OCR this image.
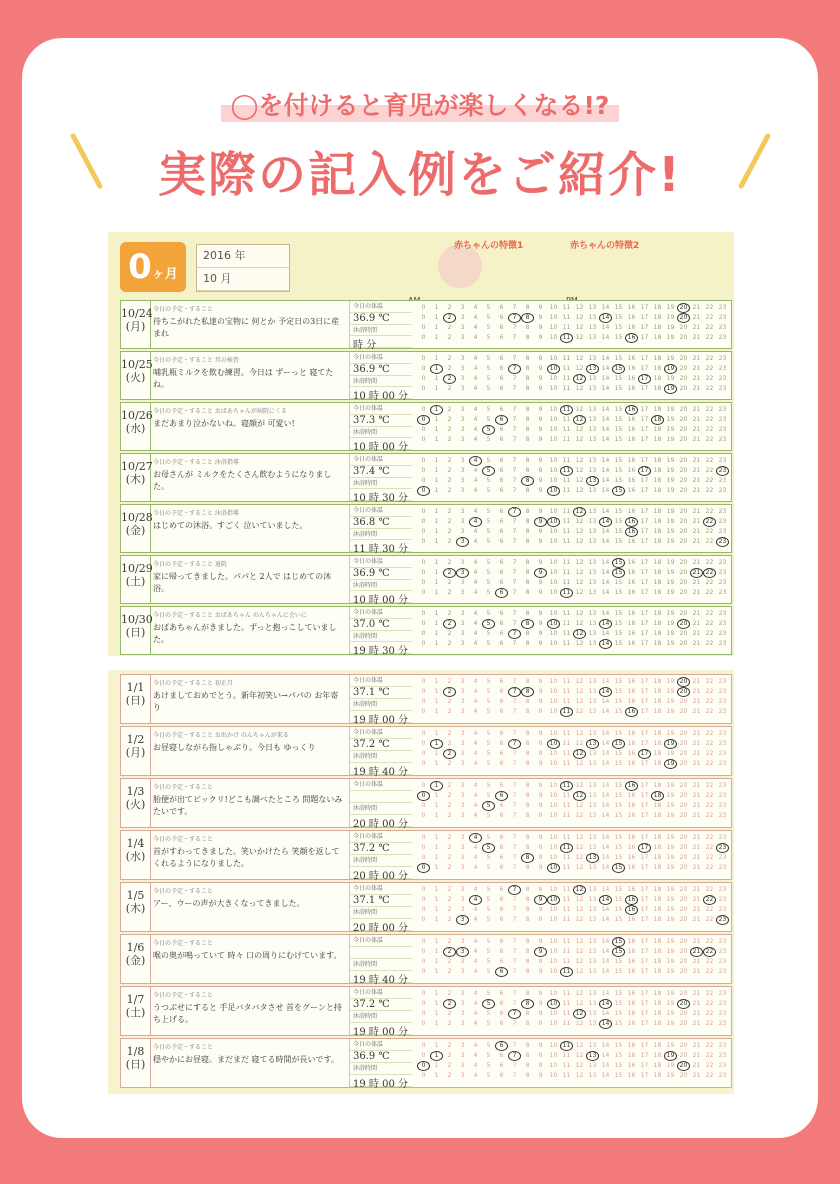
◯を付けると育児が楽しくなる!?
実際の記入例をご紹介!
0ヶ月
2016 年
10 月
赤ちゃんの特徴1	赤ちゃんの特徴2
10/24 (月)
今日の予定・すること
待ちこがれた私達の宝物に 何とか 予定日の3日に産まれ
今日の体温
36.9 ℃
沐浴時間
時 分
0	1	2	3	4	5	6	7	8	9	10 11 12 13 14 15 16 17 18 19 20 21 22 23
0	1	2	3	4	5	6	7	8	9	10 11 12 13 14 15 16 17 18 19 20 21 22 23
0	1	2	3	4	5	6	7	8	9	10 11 12 13 14 15 16 17 18 19 20 21 22 23
0	1	2	3	4	5	6	7	8	9	10 11 12 13 14 15 16 17 18 19 20 21 22 23
10/25 (火)
今日の予定・すること 耳の検査
哺乳瓶ミルクを飲む練習。今日は ずーっと 寝てたね。
今日の体温
36.9 ℃
沐浴時間
10 時 00 分
0	1	2	3	4	5	6	7	8	9	10 11 12 13 14 15 16 17 18 19 20 21 22 23
0	1	2	3	4	5	6	7	8	9	10 11 12 13 14 15 16 17 18 19 20 21 22 23
0	1	2	3	4	5	6	7	8	9	10 11 12 13 14 15 16 17 18 19 20 21 22 23
0	1	2	3	4	5	6	7	8	9	10 11 12 13 14 15 16 17 18 19 20 21 22 23
10/26 (水)
今日の予定・すること おばあちゃんが病院にくる
まだあまり泣かないね。寝顔が 可愛い!
今日の体温
37.3 ℃
沐浴時間
10 時 00 分
0	1	2	3	4	5	6	7	8	9	10 11 12 13 14 15 16 17 18 19 20 21 22 23
0	1	2	3	4	5	6	7	8	9	10 11 12 13 14 15 16 17 18 19 20 21 22 23
0	1	2	3	4	5	6	7	8	9	10 11 12 13 14 15 16 17 18 19 20 21 22 23
0	1	2	3	4	5	6	7	8	9	10 11 12 13 14 15 16 17 18 19 20 21 22 23
10/27 (木)
今日の予定・すること 沐浴指導
お母さんが ミルクをたくさん飲むようになりました。
今日の体温
37.4 ℃
沐浴時間
10 時 30 分
0	1	2	3	4	5	6	7	8	9	10 11 12 13 14 15 16 17 18 19 20 21 22 23
0	1	2	3	4	5	6	7	8	9	10 11 12 13 14 15 16 17 18 19 20 21 22 23
0	1	2	3	4	5	6	7	8	9	10 11 12 13 14 15 16 17 18 19 20 21 22 23
0	1	2	3	4	5	6	7	8	9	10 11 12 13 14 15 16 17 18 19 20 21 22 23
10/28 (金)
今日の予定・すること 沐浴指導
はじめての沐浴。すごく 泣いていました。
今日の体温
36.8 ℃
沐浴時間
11 時 30 分
0	1	2	3	4	5	6	7	8	9	10 11 12 13 14 15 16 17 18 19 20 21 22 23
0	1	2	3	4	5	6	7	8	9	10 11 12 13 14 15 16 17 18 19 20 21 22 23
0	1	2	3	4	5	6	7	8	9	10 11 12 13 14 15 16 17 18 19 20 21 22 23
0	1	2	3	4	5	6	7	8	9	10 11 12 13 14 15 16 17 18 19 20 21 22 23
10/29 (土)
今日の予定・すること 退院
家に帰ってきました。パパと 2人で はじめての沐浴。
今日の体温
36.9 ℃
沐浴時間
10 時 00 分
0	1	2	3	4	5	6	7	8	9	10 11 12 13 14 15 16 17 18 19 20 21 22 23
0	1	2	3	4	5	6	7	8	9	10 11 12 13 14 15 16 17 18 19 20 21 22 23
0	1	2	3	4	5	6	7	8	9	10 11 12 13 14 15 16 17 18 19 20 21 22 23
0	1	2	3	4	5	6	7	8	9	10 11 12 13 14 15 16 17 18 19 20 21 22 23
10/30 (日)
今日の予定・すること おばあちゃん のんちゃんに会いに
おばあちゃんがきました。ずっと抱っこしていました。
今日の体温
37.0 ℃
沐浴時間
19 時 30 分
0	1	2	3	4	5	6	7	8	9	10 11 12 13 14 15 16 17 18 19 20 21 22 23
0	1	2	3	4	5	6	7	8	9	10 11 12 13 14 15 16 17 18 19 20 21 22 23
0	1	2	3	4	5	6	7	8	9	10 11 12 13 14 15 16 17 18 19 20 21 22 23
0	1	2	3	4	5	6	7	8	9	10 11 12 13 14 15 16 17 18 19 20 21 22 23
1/1 (日)
今日の予定・すること 初正月
あけましておめでとう。新年初笑い→パパの お年寄り
今日の体温
37.1 ℃
沐浴時間
19 時 00 分
0	1	2	3	4	5	6	7	8	9	10 11 12 13 14 15 16 17 18 19 20 21 22 23
0	1	2	3	4	5	6	7	8	9	10 11 12 13 14 15 16 17 18 19 20 21 22 23
0	1	2	3	4	5	6	7	8	9	10 11 12 13 14 15 16 17 18 19 20 21 22 23
0	1	2	3	4	5	6	7	8	9	10 11 12 13 14 15 16 17 18 19 20 21 22 23
1/2 (月)
今日の予定・すること お出かけ のんちゃんが来る
お昼寝しながら指しゃぶり。今日も ゆっくり
今日の体温
37.2 ℃
沐浴時間
19 時 40 分
0	1	2	3	4	5	6	7	8	9	10 11 12 13 14 15 16 17 18 19 20 21 22 23
0	1	2	3	4	5	6	7	8	9	10 11 12 13 14 15 16 17 18 19 20 21 22 23
0	1	2	3	4	5	6	7	8	9	10 11 12 13 14 15 16 17 18 19 20 21 22 23
0	1	2	3	4	5	6	7	8	9	10 11 12 13 14 15 16 17 18 19 20 21 22 23
1/3 (火)
今日の予定・すること
胎便が出てビックリ!どこも調べたところ 問題ないみたいです。
今日の体温
沐浴時間
20 時 00 分
0	1	2	3	4	5	6	7	8	9	10 11 12 13 14 15 16 17 18 19 20 21 22 23
0	1	2	3	4	5	6	7	8	9	10 11 12 13 14 15 16 17 18 19 20 21 22 23
0	1	2	3	4	5	6	7	8	9	10 11 12 13 14 15 16 17 18 19 20 21 22 23
0	1	2	3	4	5	6	7	8	9	10 11 12 13 14 15 16 17 18 19 20 21 22 23
1/4 (水)
今日の予定・すること
首がすわってきました。笑いかけたら 笑顔を返してくれるようになりました。
今日の体温
37.2 ℃
沐浴時間
20 時 00 分
0	1	2	3	4	5	6	7	8	9	10 11 12 13 14 15 16 17 18 19 20 21 22 23
0	1	2	3	4	5	6	7	8	9	10 11 12 13 14 15 16 17 18 19 20 21 22 23
0	1	2	3	4	5	6	7	8	9	10 11 12 13 14 15 16 17 18 19 20 21 22 23
0	1	2	3	4	5	6	7	8	9	10 11 12 13 14 15 16 17 18 19 20 21 22 23
1/5 (木)
今日の予定・すること
アー、ウーの声が大きくなってきました。
今日の体温
37.1 ℃
沐浴時間
20 時 00 分
0	1	2	3	4	5	6	7	8	9	10 11 12 13 14 15 16 17 18 19 20 21 22 23
0	1	2	3	4	5	6	7	8	9	10 11 12 13 14 15 16 17 18 19 20 21 22 23
0	1	2	3	4	5	6	7	8	9	10 11 12 13 14 15 16 17 18 19 20 21 22 23
0	1	2	3	4	5	6	7	8	9	10 11 12 13 14 15 16 17 18 19 20 21 22 23
1/6 (金)
今日の予定・すること
喉の奥が鳴っていて 時々 口の周りにむけています。
今日の体温
沐浴時間
19 時 40 分
0	1	2	3	4	5	6	7	8	9	10 11 12 13 14 15 16 17 18 19 20 21 22 23
0	1	2	3	4	5	6	7	8	9	10 11 12 13 14 15 16 17 18 19 20 21 22 23
0	1	2	3	4	5	6	7	8	9	10 11 12 13 14 15 16 17 18 19 20 21 22 23
0	1	2	3	4	5	6	7	8	9	10 11 12 13 14 15 16 17 18 19 20 21 22 23
1/7 (土)
今日の予定・すること
うつぶせにすると 手足バタバタさせ 首をグーンと持ち上げる。
今日の体温
37.2 ℃
沐浴時間
19 時 00 分
0	1	2	3	4	5	6	7	8	9	10 11 12 13 14 15 16 17 18 19 20 21 22 23
0	1	2	3	4	5	6	7	8	9	10 11 12 13 14 15 16 17 18 19 20 21 22 23
0	1	2	3	4	5	6	7	8	9	10 11 12 13 14 15 16 17 18 19 20 21 22 23
0	1	2	3	4	5	6	7	8	9	10 11 12 13 14 15 16 17 18 19 20 21 22 23
1/8 (日)
今日の予定・すること
穏やかにお昼寝。まだまだ 寝てる時間が長いです。
今日の体温
36.9 ℃
沐浴時間
19 時 00 分
0	1	2	3	4	5	6	7	8	9	10 11 12 13 14 15 16 17 18 19 20 21 22 23
0	1	2	3	4	5	6	7	8	9	10 11 12 13 14 15 16 17 18 19 20 21 22 23
0	1	2	3	4	5	6	7	8	9	10 11 12 13 14 15 16 17 18 19 20 21 22 23
0	1	2	3	4	5	6	7	8	9	10 11 12 13 14 15 16 17 18 19 20 21 22 23
